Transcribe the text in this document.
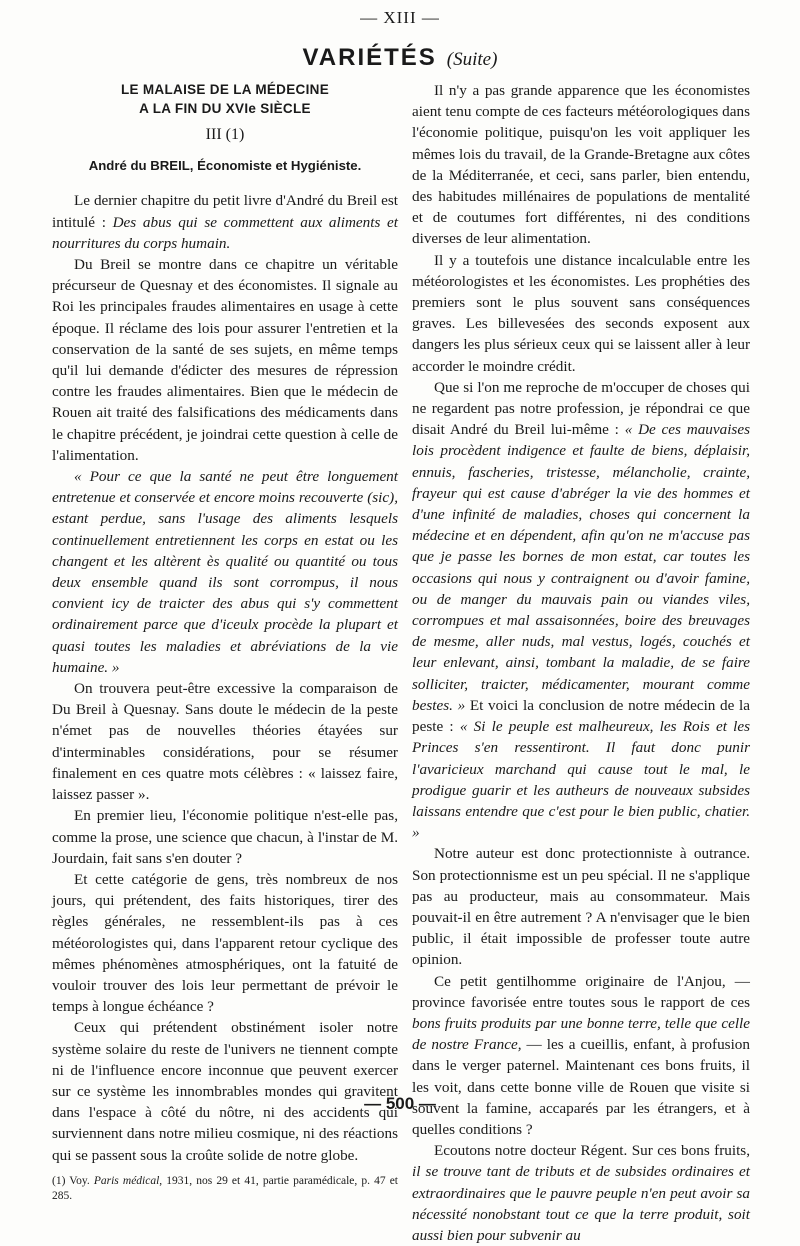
— XIII —
VARIÉTÉS (Suite)
LE MALAISE DE LA MÉDECINE
A LA FIN DU XVIe SIÈCLE
III (1)
André du BREIL, Économiste et Hygiéniste.

Le dernier chapitre du petit livre d'André du Breil est intitulé : Des abus qui se commettent aux aliments et nourritures du corps humain.

Du Breil se montre dans ce chapitre un véritable précurseur de Quesnay et des économistes. Il signale au Roi les principales fraudes alimentaires en usage à cette époque. Il réclame des lois pour assurer l'entretien et la conservation de la santé de ses sujets, en même temps qu'il lui demande d'édicter des mesures de répression contre les fraudes alimentaires. Bien que le médecin de Rouen ait traité des falsifications des médicaments dans le chapitre précédent, je joindrai cette question à celle de l'alimentation.

« Pour ce que la santé ne peut être longuement entretenue et conservée et encore moins recouverte (sic), estant perdue, sans l'usage des aliments lesquels continuellement entretiennent les corps en estat ou les changent et les altèrent ès qualité ou quantité ou tous deux ensemble quand ils sont corrompus, il nous convient icy de traicter des abus qui s'y commettent ordinairement parce que d'iceulx procède la plupart et quasi toutes les maladies et abréviations de la vie humaine. »

On trouvera peut-être excessive la comparaison de Du Breil à Quesnay. Sans doute le médecin de la peste n'émet pas de nouvelles théories étayées sur d'interminables considérations, pour se résumer finalement en ces quatre mots célèbres : « laissez faire, laissez passer ».

En premier lieu, l'économie politique n'est-elle pas, comme la prose, une science que chacun, à l'instar de M. Jourdain, fait sans s'en douter ?

Et cette catégorie de gens, très nombreux de nos jours, qui prétendent, des faits historiques, tirer des règles générales, ne ressemblent-ils pas à ces météorologistes qui, dans l'apparent retour cyclique des mêmes phénomènes atmosphériques, ont la fatuité de vouloir trouver des lois leur permettant de prévoir le temps à longue échéance ?

Ceux qui prétendent obstinément isoler notre système solaire du reste de l'univers ne tiennent compte ni de l'influence encore inconnue que peuvent exercer sur ce système les innombrables mondes qui gravitent dans l'espace à côté du nôtre, ni des accidents qui surviennent dans notre milieu cosmique, ni des réactions qui se passent sous la croûte solide de notre globe.

(1) Voy. Paris médical, 1931, nos 29 et 41, partie paramédicale, p. 47 et 285.

Il n'y a pas grande apparence que les économistes aient tenu compte de ces facteurs météorologiques dans l'économie politique, puisqu'on les voit appliquer les mêmes lois du travail, de la Grande-Bretagne aux côtes de la Méditerranée, et ceci, sans parler, bien entendu, des habitudes millénaires de populations de mentalité et de coutumes fort différentes, ni des conditions diverses de leur alimentation.

Il y a toutefois une distance incalculable entre les météorologistes et les économistes. Les prophéties des premiers sont le plus souvent sans conséquences graves. Les billevesées des seconds exposent aux dangers les plus sérieux ceux qui se laissent aller à leur accorder le moindre crédit.

Que si l'on me reproche de m'occuper de choses qui ne regardent pas notre profession, je répondrai ce que disait André du Breil lui-même : « De ces mauvaises lois procèdent indigence et faulte de biens, déplaisir, ennuis, fascheries, tristesse, mélancholie, crainte, frayeur qui est cause d'abréger la vie des hommes et d'une infinité de maladies, choses qui concernent la médecine et en dépendent, afin qu'on ne m'accuse pas que je passe les bornes de mon estat, car toutes les occasions qui nous y contraignent ou d'avoir famine, ou de manger du mauvais pain ou viandes viles, corrompues et mal assaisonnées, boire des breuvages de mesme, aller nuds, mal vestus, logés, couchés et leur enlevant, ainsi, tombant la maladie, de se faire solliciter, traicter, médicamenter, mourant comme bestes. » Et voici la conclusion de notre médecin de la peste : « Si le peuple est malheureux, les Rois et les Princes s'en ressentiront. Il faut donc punir l'avaricieux marchand qui cause tout le mal, le prodigue guarir et les autheurs de nouveaux subsides laissans entendre que c'est pour le bien public, chatier. »

Notre auteur est donc protectionniste à outrance. Son protectionnisme est un peu spécial. Il ne s'applique pas au producteur, mais au consommateur. Mais pouvait-il en être autrement ? A n'envisager que le bien public, il était impossible de professer toute autre opinion.

Ce petit gentilhomme originaire de l'Anjou, — province favorisée entre toutes sous le rapport de ces bons fruits produits par une bonne terre, telle que celle de nostre France, — les a cueillis, enfant, à profusion dans le verger paternel. Maintenant ces bons fruits, il les voit, dans cette bonne ville de Rouen que visite si souvent la famine, accaparés par les étrangers, et à quelles conditions ?

Ecoutons notre docteur Régent. Sur ces bons fruits, il se trouve tant de tributs et de subsides ordinaires et extraordinaires que le pauvre peuple n'en peut avoir sa nécessité nonobstant tout ce que la terre produit, soit aussi bien pour subvenir au

— 500 —
